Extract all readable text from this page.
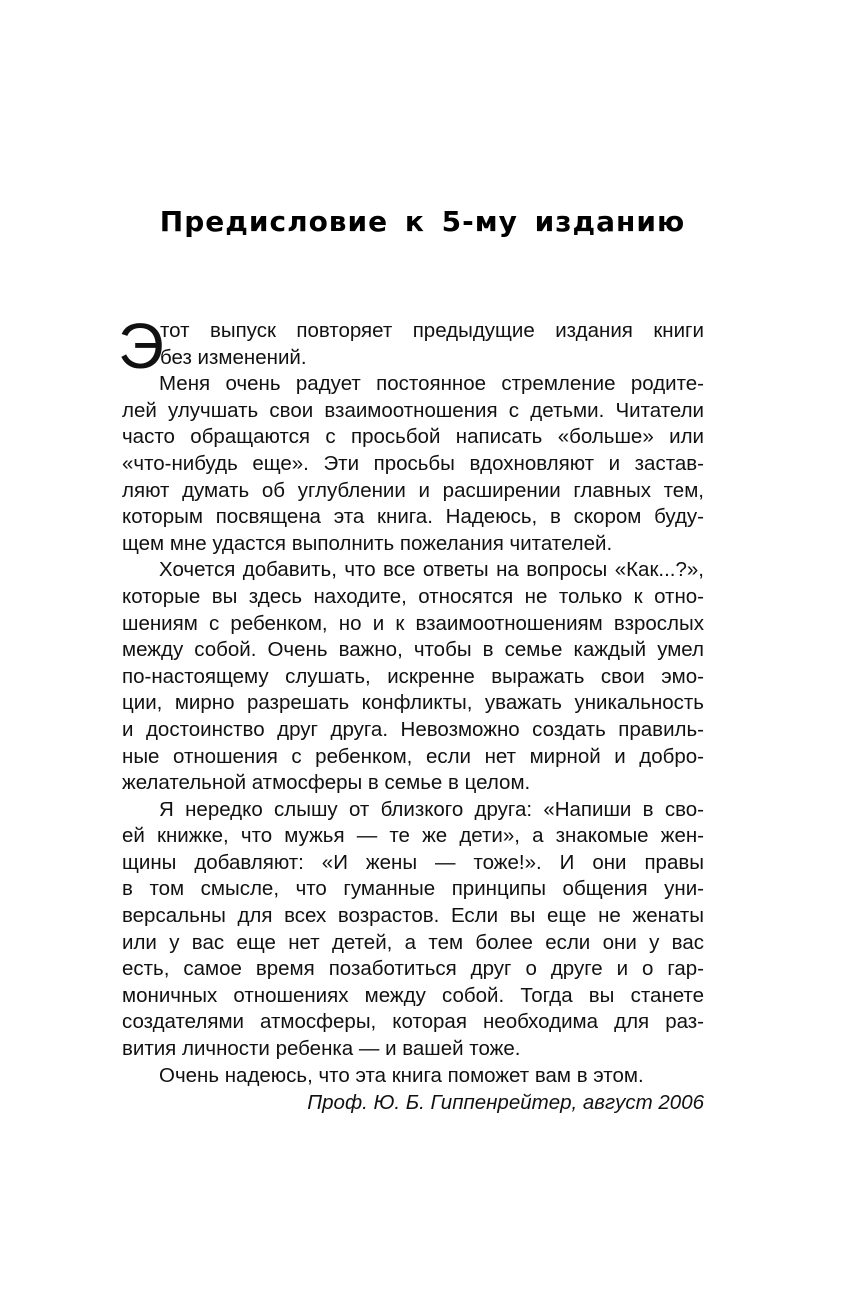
Предисловие к 5-му изданию
Э
тот выпуск повторяет предыдущие издания книги
без изменений.
Меня очень радует постоянное стремление родите-
лей улучшать свои взаимоотношения с детьми. Читатели
часто обращаются с просьбой написать «больше» или
«что-нибудь еще». Эти просьбы вдохновляют и застав-
ляют думать об углублении и расширении главных тем,
которым посвящена эта книга. Надеюсь, в скором буду-
щем мне удастся выполнить пожелания читателей.
Хочется добавить, что все ответы на вопросы «Как...?»,
которые вы здесь находите, относятся не только к отно-
шениям с ребенком, но и к взаимоотношениям взрослых
между собой. Очень важно, чтобы в семье каждый умел
по-настоящему слушать, искренне выражать свои эмо-
ции, мирно разрешать конфликты, уважать уникальность
и достоинство друг друга. Невозможно создать правиль-
ные отношения с ребенком, если нет мирной и добро-
желательной атмосферы в семье в целом.
Я нередко слышу от близкого друга: «Напиши в сво-
ей книжке, что мужья — те же дети», а знакомые жен-
щины добавляют: «И жены — тоже!». И они правы
в том смысле, что гуманные принципы общения уни-
версальны для всех возрастов. Если вы еще не женаты
или у вас еще нет детей, а тем более если они у вас
есть, самое время позаботиться друг о друге и о гар-
моничных отношениях между собой. Тогда вы станете
создателями атмосферы, которая необходима для раз-
вития личности ребенка — и вашей тоже.
Очень надеюсь, что эта книга поможет вам в этом.
Проф. Ю. Б. Гиппенрейтер, август 2006
